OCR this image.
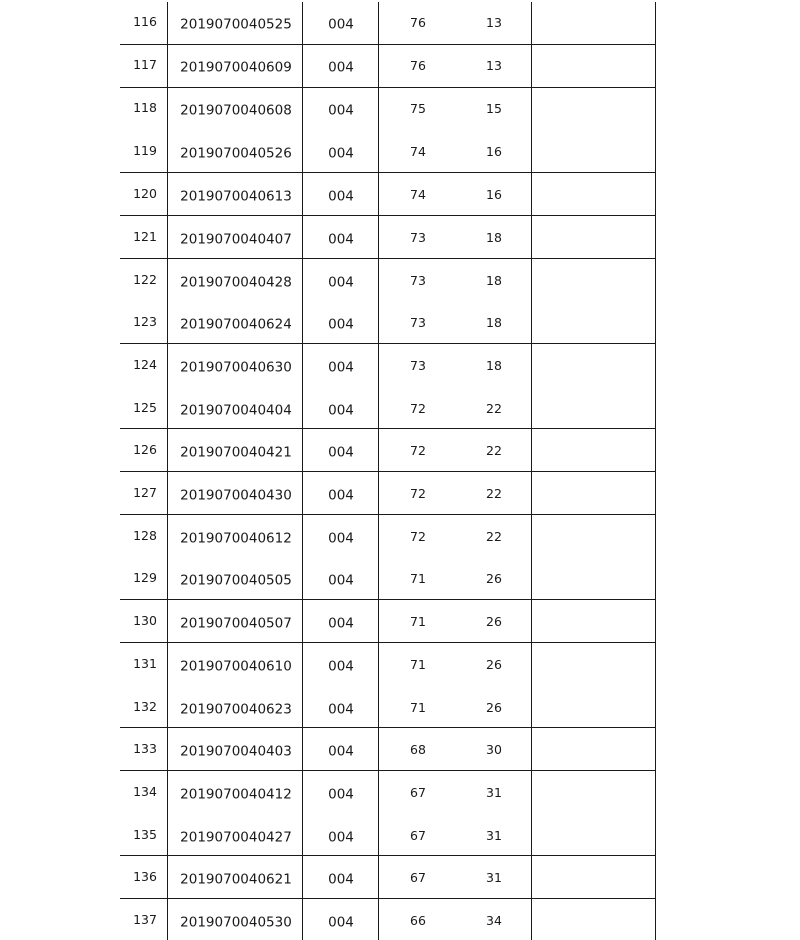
116 2019070040525	004	76	13
117 2019070040609	004	76	13
118 2019070040608	004	75	15
119 2019070040526	004	74	16
120 2019070040613	004	74	16
121 2019070040407	004	73	18
122 2019070040428	004	73	18
123 2019070040624	004	73	18
124 2019070040630	004	73	18
125 2019070040404	004	72	22
126 2019070040421	004	72	22
127 2019070040430	004	72	22
128 2019070040612	004	72	22
129 2019070040505	004	71	26
130 2019070040507	004	71	26
131 2019070040610	004	71	26
132 2019070040623	004	71	26
133 2019070040403	004	68	30
134 2019070040412	004	67	31
135 2019070040427	004	67	31
136 2019070040621	004	67	31
137 2019070040530	004	66	34
